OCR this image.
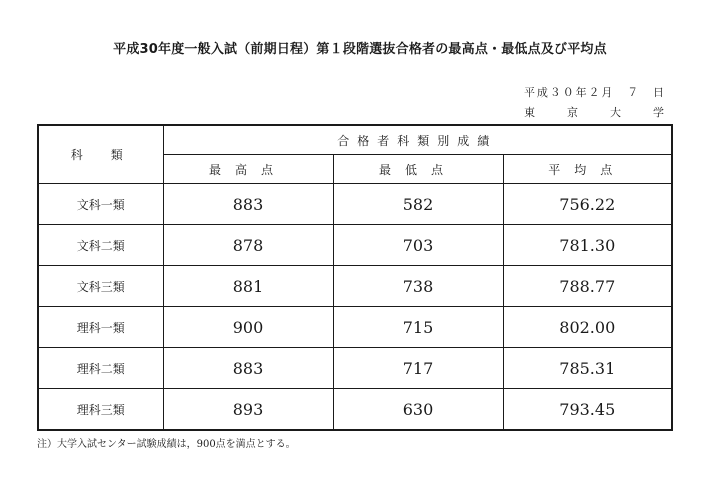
平成30年度一般入試（前期日程）第１段階選抜合格者の最高点・最低点及び平均点
平成３０年２月　７　日
東　京　大　学
科　類	合格者科類別成績		
	最高点	最低点	平均点
文科一類	883	582	756.22
文科二類	878	703	781.30
文科三類	881	738	788.77
理科一類	900	715	802.00
理科二類	883	717	785.31
理科三類	893	630	793.45
注）大学入試センター試験成績は，900点を満点とする。
